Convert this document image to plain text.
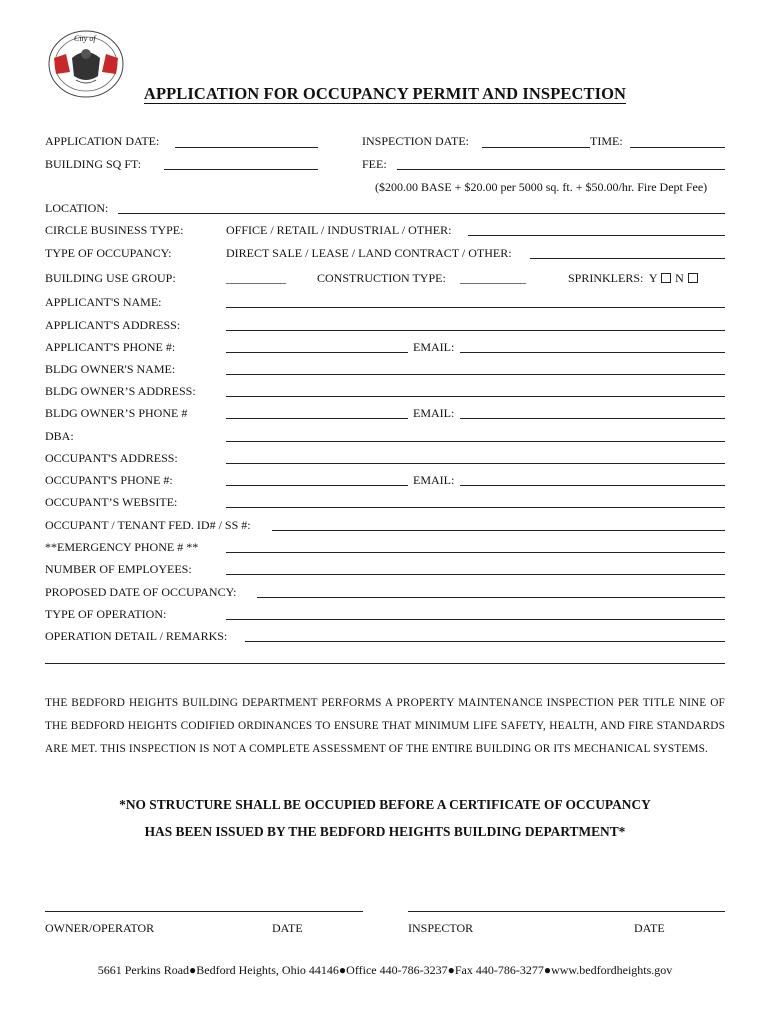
City of
APPLICATION FOR OCCUPANCY PERMIT AND INSPECTION
APPLICATION DATE:	INSPECTION DATE:	TIME:
BUILDING SQ FT:	FEE:
($200.00 BASE + $20.00 per 5000 sq. ft. + $50.00/hr. Fire Dept Fee)
LOCATION:
CIRCLE BUSINESS TYPE:	OFFICE / RETAIL / INDUSTRIAL / OTHER:
TYPE OF OCCUPANCY:	DIRECT SALE / LEASE / LAND CONTRACT / OTHER:
BUILDING USE GROUP:	__________	CONSTRUCTION TYPE: ___________	SPRINKLERS: Y N
APPLICANT'S NAME:
APPLICANT'S ADDRESS:
APPLICANT'S PHONE #:	EMAIL:
BLDG OWNER'S NAME:
BLDG OWNER’S ADDRESS:
BLDG OWNER’S PHONE #	EMAIL:
DBA:
OCCUPANT'S ADDRESS:
OCCUPANT'S PHONE #:	EMAIL:
OCCUPANT’S WEBSITE:
OCCUPANT / TENANT FED. ID# / SS #:
**EMERGENCY PHONE # **
NUMBER OF EMPLOYEES:
PROPOSED DATE OF OCCUPANCY:
TYPE OF OPERATION:
OPERATION DETAIL / REMARKS:
THE BEDFORD HEIGHTS BUILDING DEPARTMENT PERFORMS A PROPERTY MAINTENANCE INSPECTION PER TITLE NINE OF THE BEDFORD HEIGHTS CODIFIED ORDINANCES TO ENSURE THAT MINIMUM LIFE SAFETY, HEALTH, AND FIRE STANDARDS ARE MET. THIS INSPECTION IS NOT A COMPLETE ASSESSMENT OF THE ENTIRE BUILDING OR ITS MECHANICAL SYSTEMS.
*NO STRUCTURE SHALL BE OCCUPIED BEFORE A CERTIFICATE OF OCCUPANCY
HAS BEEN ISSUED BY THE BEDFORD HEIGHTS BUILDING DEPARTMENT*
OWNER/OPERATOR	DATE	INSPECTOR	DATE
5661 Perkins Road●Bedford Heights, Ohio 44146●Office 440-786-3237●Fax 440-786-3277●www.bedfordheights.gov
